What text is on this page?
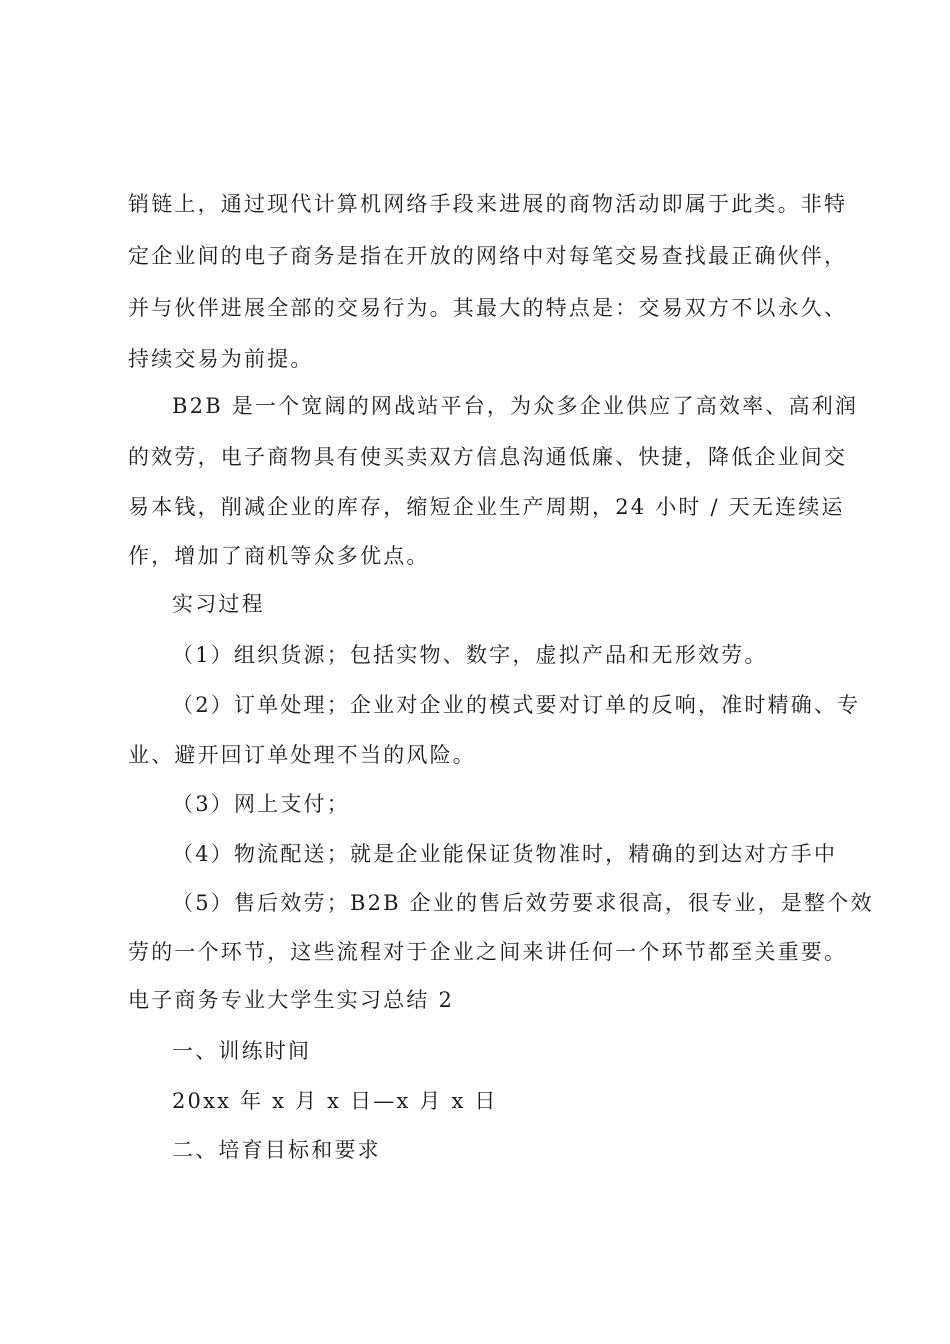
销链上，通过现代计算机网络手段来进展的商物活动即属于此类。非特
定企业间的电子商务是指在开放的网络中对每笔交易查找最正确伙伴，
并与伙伴进展全部的交易行为。其最大的特点是：交易双方不以永久、
持续交易为前提。
B2B 是一个宽阔的网战站平台，为众多企业供应了高效率、高利润
的效劳，电子商物具有使买卖双方信息沟通低廉、快捷，降低企业间交
易本钱，削减企业的库存，缩短企业生产周期，24 小时 / 天无连续运
作，增加了商机等众多优点。
实习过程
（1）组织货源；包括实物、数字，虚拟产品和无形效劳。
（2）订单处理；企业对企业的模式要对订单的反响，准时精确、专
业、避开回订单处理不当的风险。
（3）网上支付；
（4）物流配送；就是企业能保证货物准时，精确的到达对方手中
（5）售后效劳；B2B 企业的售后效劳要求很高，很专业，是整个效
劳的一个环节，这些流程对于企业之间来讲任何一个环节都至关重要。
电子商务专业大学生实习总结 2
一、训练时间
20xx 年 x 月 x 日—x 月 x 日
二、培育目标和要求
